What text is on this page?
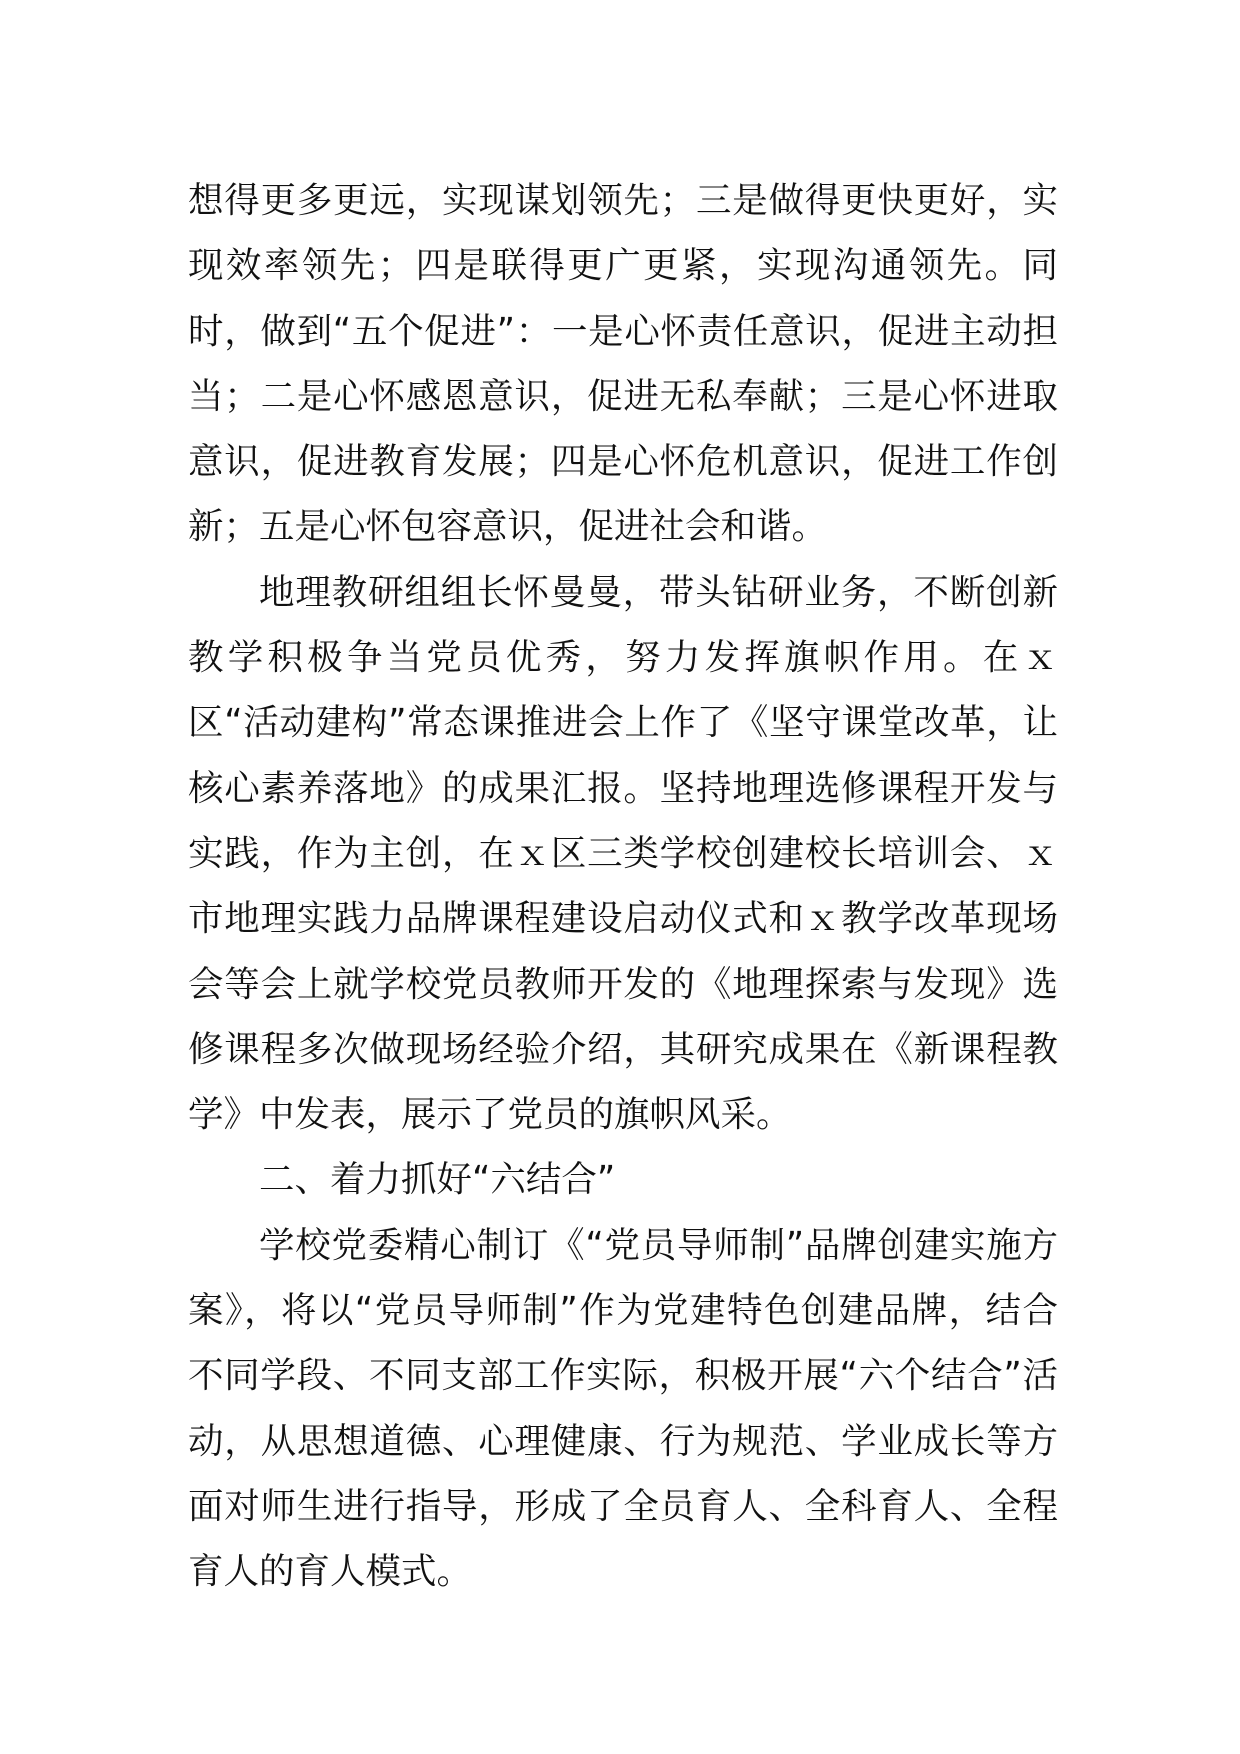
想得更多更远，实现谋划领先；三是做得更快更好，实现效率领先；四是联得更广更紧，实现沟通领先。同时，做到“五个促进”：一是心怀责任意识，促进主动担当；二是心怀感恩意识，促进无私奉献；三是心怀进取意识，促进教育发展；四是心怀危机意识，促进工作创新；五是心怀包容意识，促进社会和谐。

地理教研组组长怀曼曼，带头钻研业务，不断创新教学积极争当党员优秀，努力发挥旗帜作用。在ｘ区“活动建构”常态课推进会上作了《坚守课堂改革，让核心素养落地》的成果汇报。坚持地理选修课程开发与实践，作为主创，在ｘ区三类学校创建校长培训会、ｘ市地理实践力品牌课程建设启动仪式和ｘ教学改革现场会等会上就学校党员教师开发的《地理探索与发现》选修课程多次做现场经验介绍，其研究成果在《新课程教学》中发表，展示了党员的旗帜风采。

二、着力抓好“六结合”

学校党委精心制订《“党员导师制”品牌创建实施方案》，将以“党员导师制”作为党建特色创建品牌，结合不同学段、不同支部工作实际，积极开展“六个结合”活动，从思想道德、心理健康、行为规范、学业成长等方面对师生进行指导，形成了全员育人、全科育人、全程育人的育人模式。
